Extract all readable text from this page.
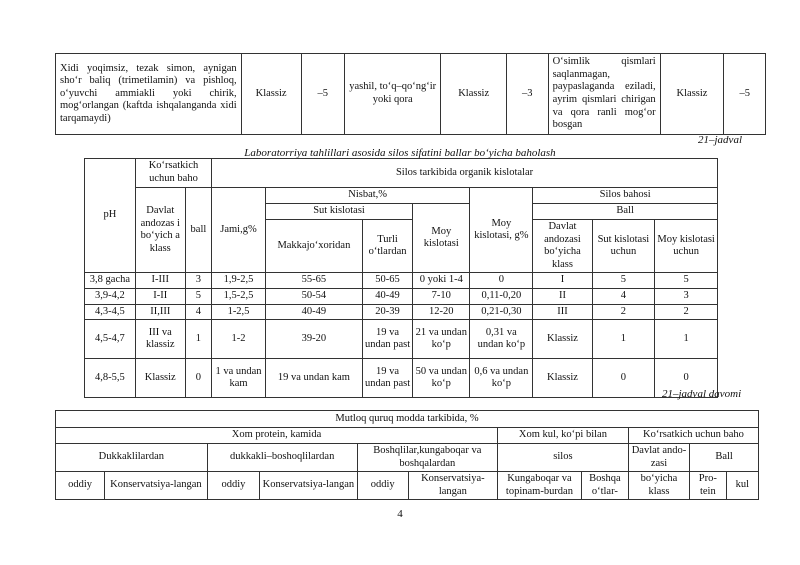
Xidi yoqimsiz, tezak simon, aynigan sho‘r baliq (trimetilamin) va pishloq, o‘yuvchi ammiakli yoki chirik, mog‘orlangan (kaftda ishqalanganda xidi tarqamaydi)	Klassiz	–5	yashil, to‘q–qo‘ng‘ir yoki qora	Klassiz	–3	O‘simlik qismlari saqlanmagan, paypaslaganda eziladi, ayrim qismlari chirigan va qora ranli mog‘or bosgan	Klassiz	–5
21–jadval
Laboratorriya tahlillari asosida silos sifatini ballar bo‘yicha baholash
pH	Ko‘rsatkich uchun baho		Silos tarkibida organik kislotalar							
	Davlat andozas i bo‘yich a klass	ball	Jami,g%	Nisbat,%			Moy kislotasi, g%	Silos bahosi		
				Sut kislotasi		Moy kislotasi		Ball		
				Makkajo‘xoridan	Turli o‘tlardan			Davlat andozasi bo‘yicha klass	Sut kislotasi uchun	Moy kislotasi uchun
3,8 gacha	I-III	3	1,9-2,5	55-65	50-65	0 yoki 1-4	0	I	5	5
3,9-4,2	I-II	5	1,5-2,5	50-54	40-49	7-10	0,11-0,20	II	4	3
4,3-4,5	II,III	4	1-2,5	40-49	20-39	12-20	0,21-0,30	III	2	2
4,5-4,7	III va klassiz	1	1-2	39-20	19 va undan past	21 va undan ko‘p	0,31 va undan ko‘p	Klassiz	1	1
4,8-5,5	Klassiz	0	1 va undan kam	19 va undan kam	19 va undan past	50 va undan ko‘p	0,6 va undan ko‘p	Klassiz	0	0
21–jadval davomi
Mutloq quruq modda tarkibida, %										
Xom protein, kamida						Xom kul, ko‘pi bilan		Ko‘rsatkich uchun baho		
Dukkaklilardan		dukkakli–boshoqlilardan		Boshqlilar,kungaboqar va boshqalardan		silos		Davlat ando-zasi	Ball	
oddiy	Konservatsiya-langan	oddiy	Konservatsiya-langan	oddiy	Konservatsiya-langan	Kungaboqar va topinam-burdan	Boshqa o‘tlar-	bo‘yicha klass	Pro-tein	kul
4
